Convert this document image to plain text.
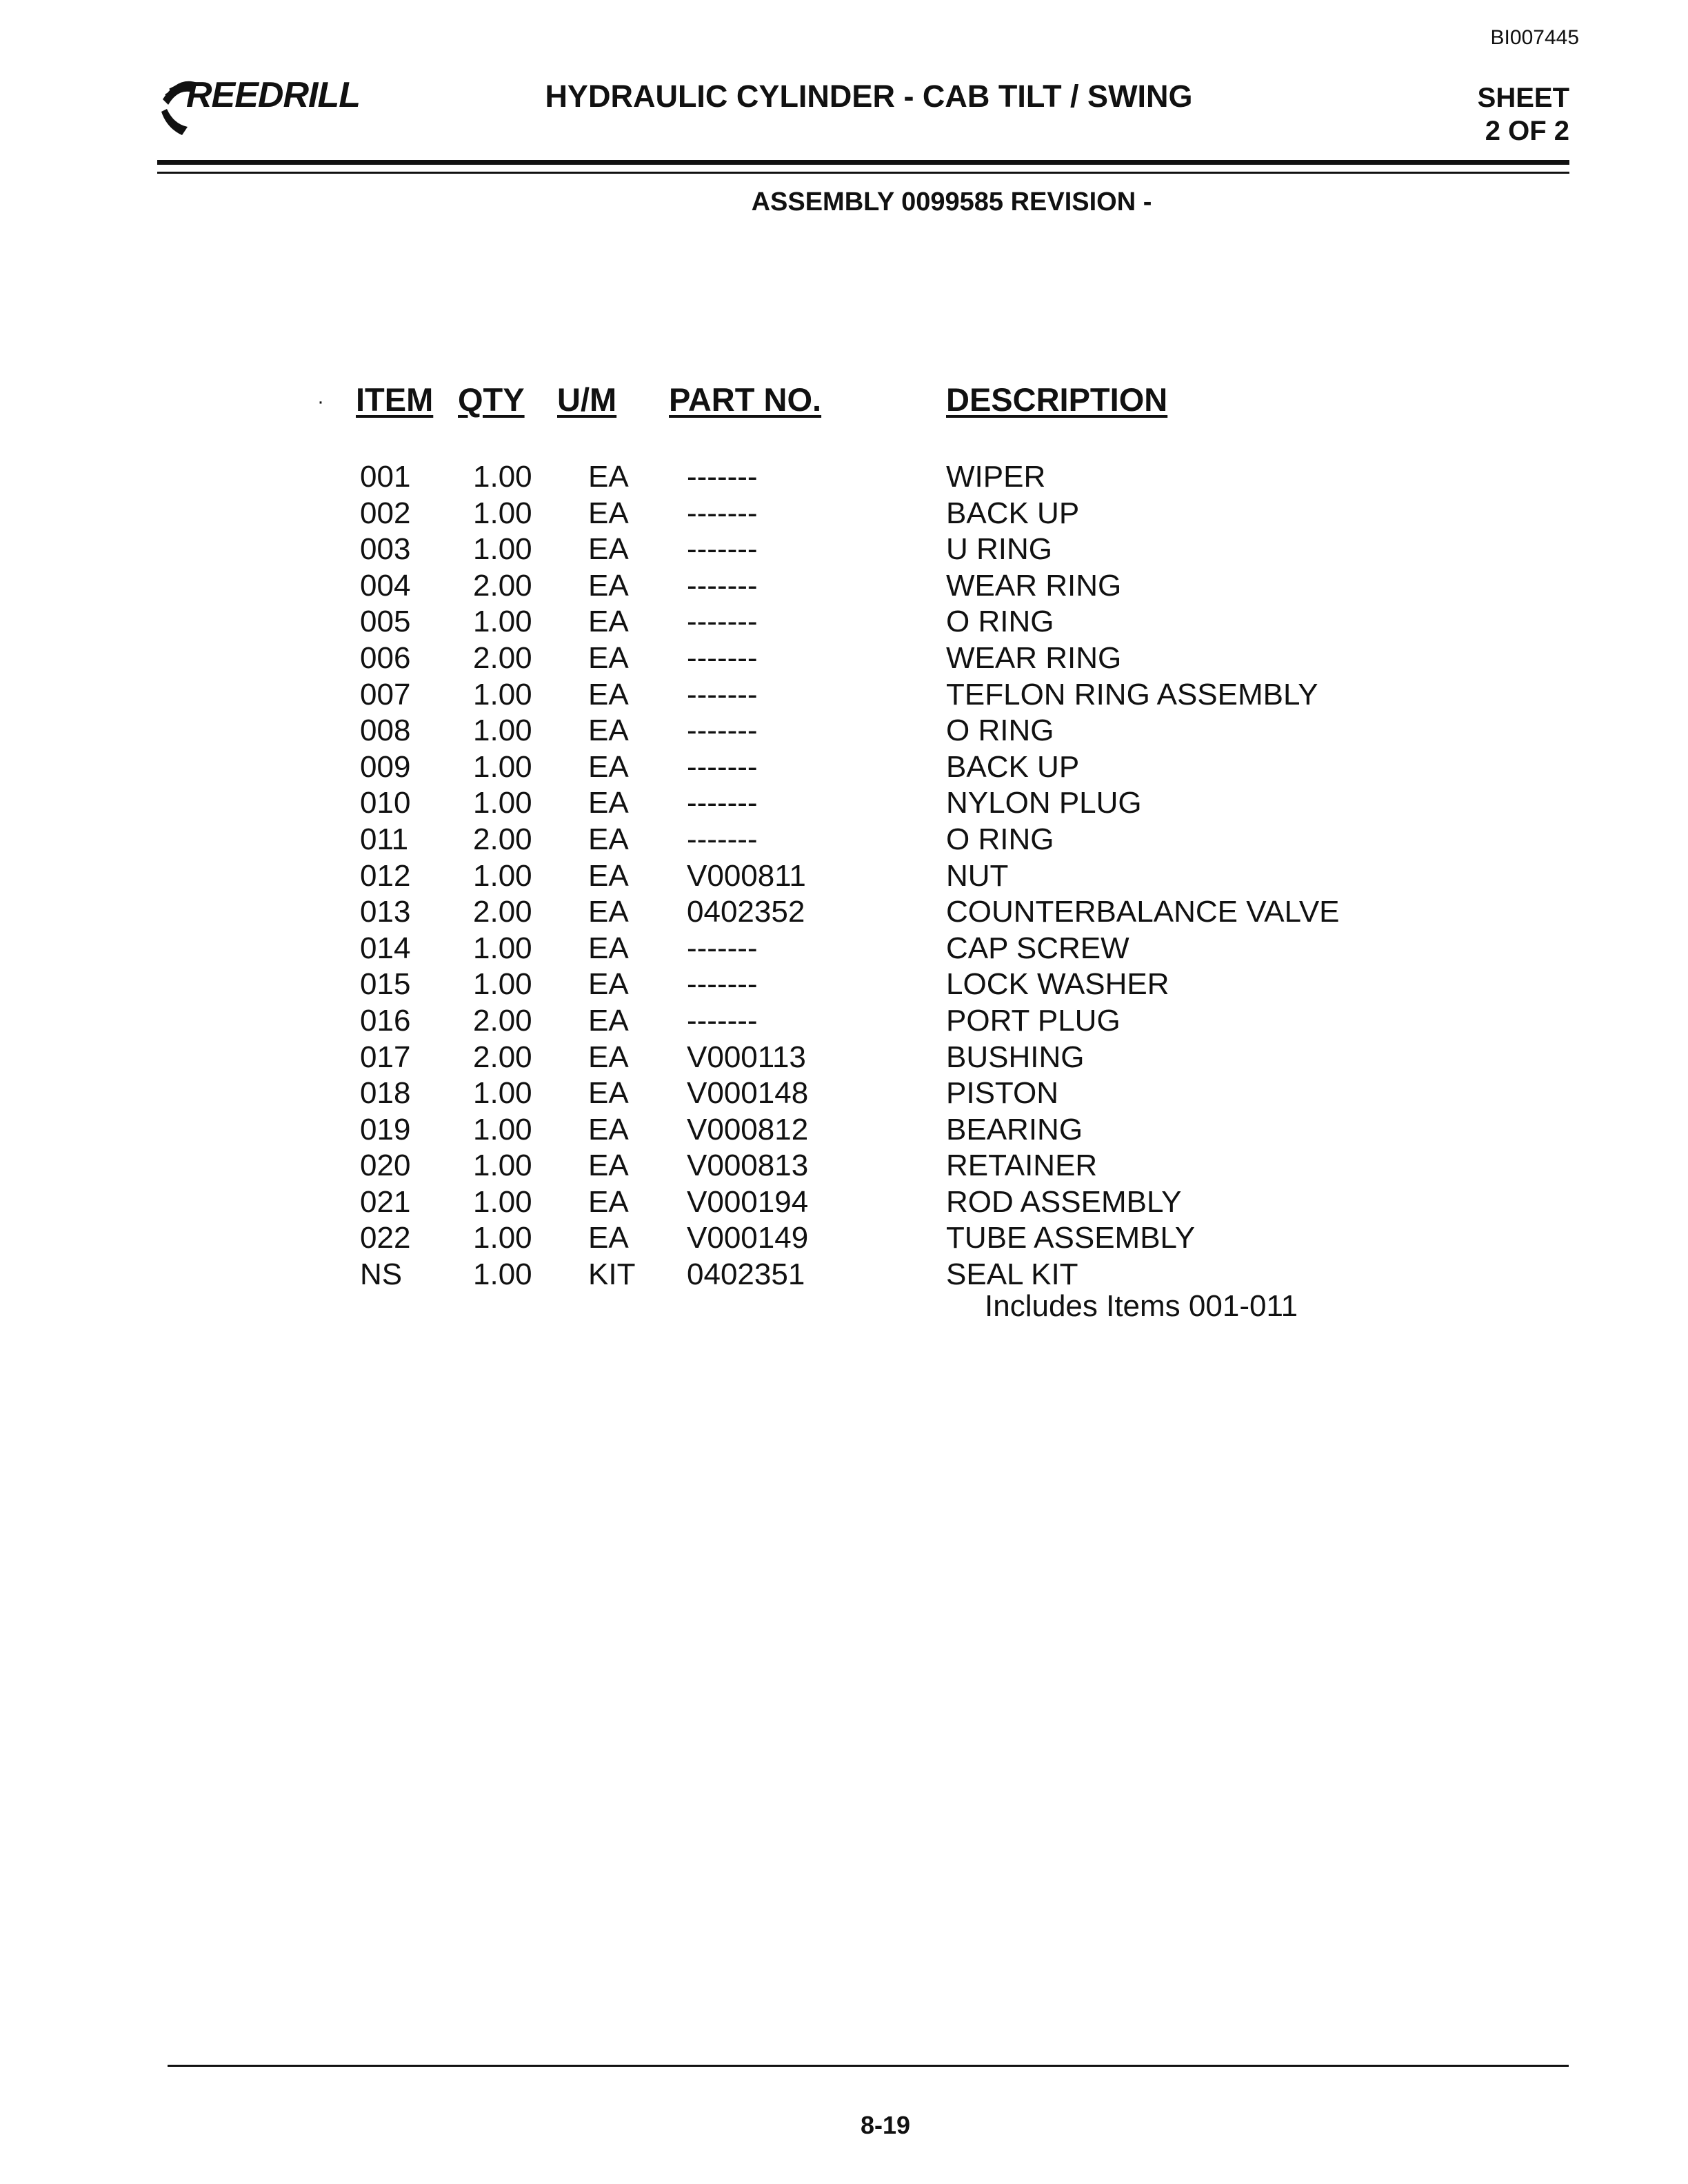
BI007445
REEDRILL	HYDRAULIC CYLINDER - CAB TILT / SWING	SHEET
2 OF 2
ASSEMBLY 0099585 REVISION -
· ITEM QTY U/M PART NO.	DESCRIPTION
001 1.00 EA -------	WIPER
002 1.00 EA -------	BACK UP
003 1.00 EA -------	U RING
004 2.00 EA -------	WEAR RING
005 1.00 EA -------	O RING
006 2.00 EA -------	WEAR RING
007 1.00 EA -------	TEFLON RING ASSEMBLY
008 1.00 EA -------	O RING
009 1.00 EA -------	BACK UP
010 1.00 EA -------	NYLON PLUG
011 2.00 EA -------	O RING
012 1.00 EA V000811	NUT
013 2.00 EA 0402352	COUNTERBALANCE VALVE
014 1.00 EA -------	CAP SCREW
015 1.00 EA -------	LOCK WASHER
016 2.00 EA -------	PORT PLUG
017 2.00 EA V000113	BUSHING
018 1.00 EA V000148	PISTON
019 1.00 EA V000812	BEARING
020 1.00 EA V000813	RETAINER
021 1.00 EA V000194	ROD ASSEMBLY
022 1.00 EA V000149	TUBE ASSEMBLY
NS 1.00 KIT 0402351	SEAL KIT
Includes Items 001-011
8-19
